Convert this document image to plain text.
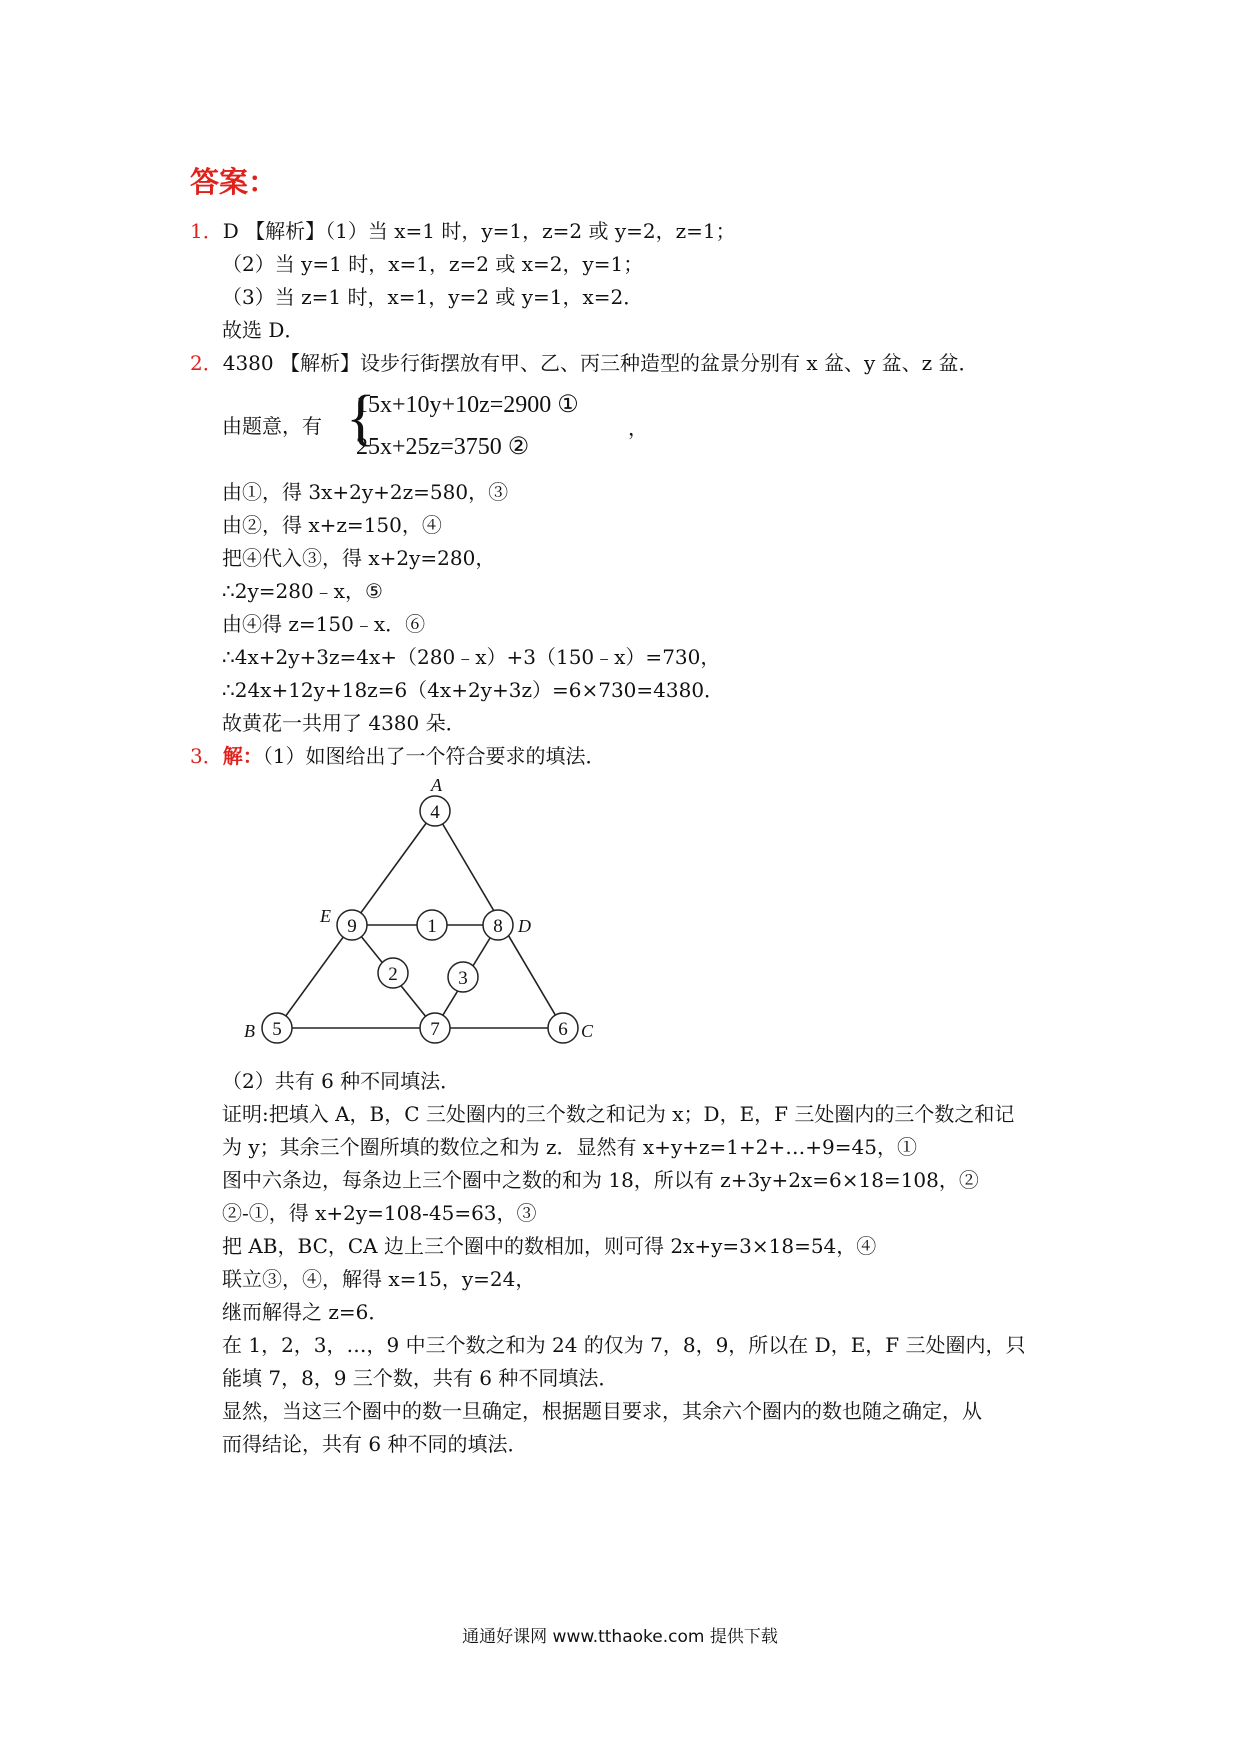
答案：
1．D 【解析】（1）当 x=1 时，y=1，z=2 或 y=2，z=1；
（2）当 y=1 时，x=1，z=2 或 x=2，y=1；
（3）当 z=1 时，x=1，y=2 或 y=1，x=2．
故选 D．
2．4380 【解析】设步行街摆放有甲、乙、丙三种造型的盆景分别有 x 盆、y 盆、z 盆．
由题意，有 {
15x+10y+10z=2900 ①
25x+25z=3750 ②
，
由①，得 3x+2y+2z=580，③
由②，得 x+z=150，④
把④代入③，得 x+2y=280，
∴2y=280﹣x，⑤
由④得 z=150﹣x．⑥
∴4x+2y+3z=4x+（280﹣x）+3（150﹣x）=730，
∴24x+12y+18z=6（4x+2y+3z）=6×730=4380．
故黄花一共用了 4380 朵．
3．解：（1）如图给出了一个符合要求的填法．
4
9	1	8
2	3
5	7	6
A
E	D
B	C
（2）共有 6 种不同填法．
证明:把填入 A，B，C 三处圈内的三个数之和记为 x；D，E，F 三处圈内的三个数之和记
为 y；其余三个圈所填的数位之和为 z．显然有 x+y+z=1+2+…+9=45，①
图中六条边，每条边上三个圈中之数的和为 18，所以有 z+3y+2x=6×18=108，②
②-①，得 x+2y=108-45=63，③
把 AB，BC，CA 边上三个圈中的数相加，则可得 2x+y=3×18=54，④
联立③，④，解得 x=15，y=24，
继而解得之 z=6．
在 1，2，3，…，9 中三个数之和为 24 的仅为 7，8，9，所以在 D，E，F 三处圈内，只
能填 7，8，9 三个数，共有 6 种不同填法．
显然，当这三个圈中的数一旦确定，根据题目要求，其余六个圈内的数也随之确定，从
而得结论，共有 6 种不同的填法．
通通好课网 www.tthaoke.com 提供下载
